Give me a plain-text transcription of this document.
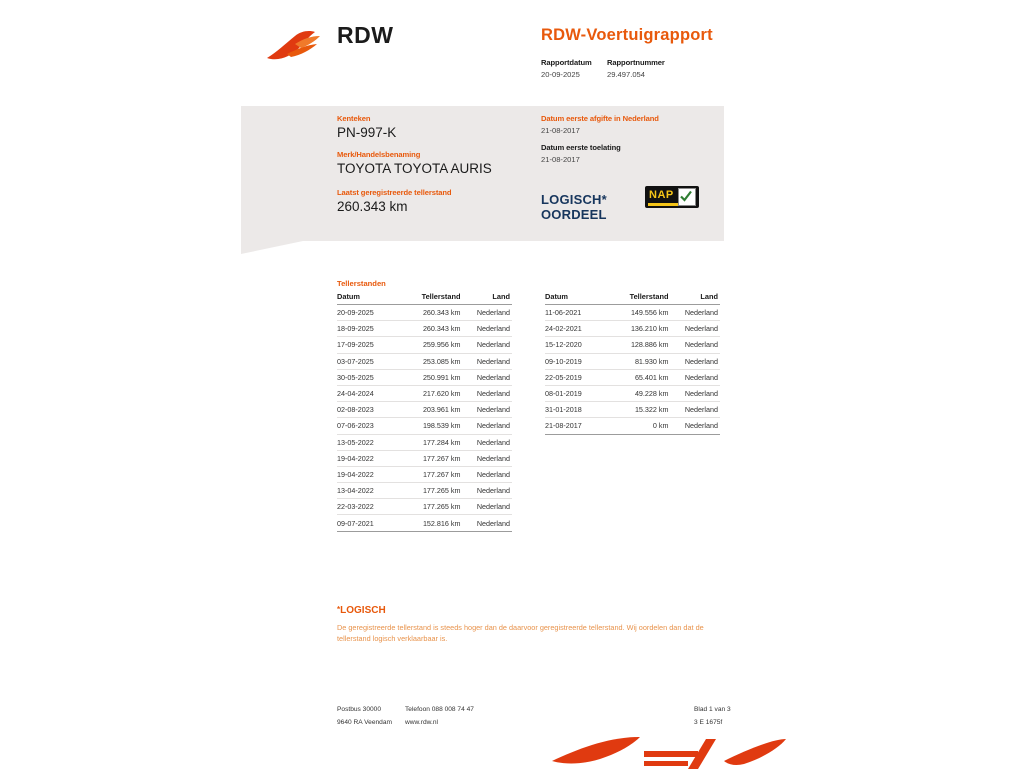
RDW	RDW-Voertuigrapport
Rapportdatum
20-09-2025
Rapportnummer
29.497.054
Kenteken
PN-997-K
Merk/Handelsbenaming
TOYOTA TOYOTA AURIS
Laatst geregistreerde tellerstand
260.343 km
Datum eerste afgifte in Nederland
21-08-2017
Datum eerste toelating
21-08-2017
LOGISCH*
OORDEEL
NAP
Tellerstanden
Datum	Tellerstand	Land
20-09-2025	260.343 km	Nederland
18-09-2025	260.343 km	Nederland
17-09-2025	259.956 km	Nederland
03-07-2025	253.085 km	Nederland
30-05-2025	250.991 km	Nederland
24-04-2024	217.620 km	Nederland
02-08-2023	203.961 km	Nederland
07-06-2023	198.539 km	Nederland
13-05-2022	177.284 km	Nederland
19-04-2022	177.267 km	Nederland
19-04-2022	177.267 km	Nederland
13-04-2022	177.265 km	Nederland
22-03-2022	177.265 km	Nederland
09-07-2021	152.816 km	Nederland
Datum	Tellerstand	Land
11-06-2021	149.556 km	Nederland
24-02-2021	136.210 km	Nederland
15-12-2020	128.886 km	Nederland
09-10-2019	81.930 km	Nederland
22-05-2019	65.401 km	Nederland
08-01-2019	49.228 km	Nederland
31-01-2018	15.322 km	Nederland
21-08-2017	0 km	Nederland
*LOGISCH
De geregistreerde tellerstand is steeds hoger dan de daarvoor geregistreerde tellerstand. Wij oordelen dan dat de tellerstand logisch verklaarbaar is.
Postbus 30000
9640 RA Veendam
Telefoon 088 008 74 47
www.rdw.nl
Blad 1 van 3
3 E 1675f
